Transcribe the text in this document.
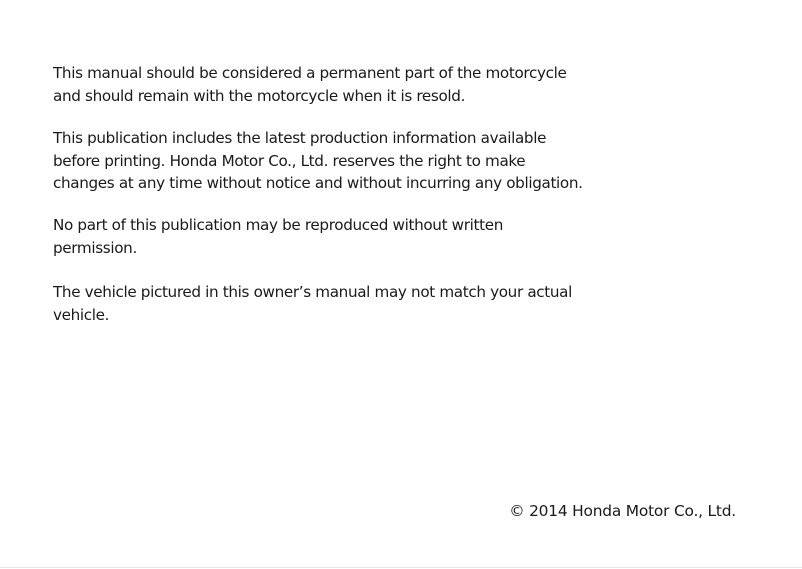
This manual should be considered a permanent part of the motorcycle
and should remain with the motorcycle when it is resold.

This publication includes the latest production information available
before printing. Honda Motor Co., Ltd. reserves the right to make
changes at any time without notice and without incurring any obligation.

No part of this publication may be reproduced without written
permission.

The vehicle pictured in this owner’s manual may not match your actual
vehicle.

© 2014 Honda Motor Co., Ltd.
